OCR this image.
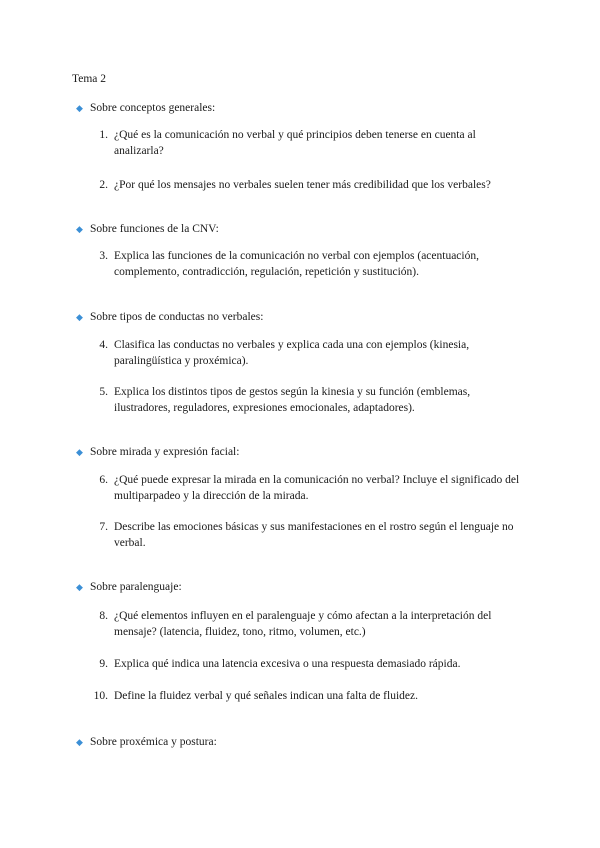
Tema 2
◆ Sobre conceptos generales:
1. ¿Qué es la comunicación no verbal y qué principios deben tenerse en cuenta al analizarla?
2. ¿Por qué los mensajes no verbales suelen tener más credibilidad que los verbales?
◆ Sobre funciones de la CNV:
3. Explica las funciones de la comunicación no verbal con ejemplos (acentuación, complemento, contradicción, regulación, repetición y sustitución).
◆ Sobre tipos de conductas no verbales:
4. Clasifica las conductas no verbales y explica cada una con ejemplos (kinesia, paralingüística y proxémica).
5. Explica los distintos tipos de gestos según la kinesia y su función (emblemas, ilustradores, reguladores, expresiones emocionales, adaptadores).
◆ Sobre mirada y expresión facial:
6. ¿Qué puede expresar la mirada en la comunicación no verbal? Incluye el significado del multiparpadeo y la dirección de la mirada.
7. Describe las emociones básicas y sus manifestaciones en el rostro según el lenguaje no verbal.
◆ Sobre paralenguaje:
8. ¿Qué elementos influyen en el paralenguaje y cómo afectan a la interpretación del mensaje? (latencia, fluidez, tono, ritmo, volumen, etc.)
9. Explica qué indica una latencia excesiva o una respuesta demasiado rápida.
10. Define la fluidez verbal y qué señales indican una falta de fluidez.
◆ Sobre proxémica y postura:
